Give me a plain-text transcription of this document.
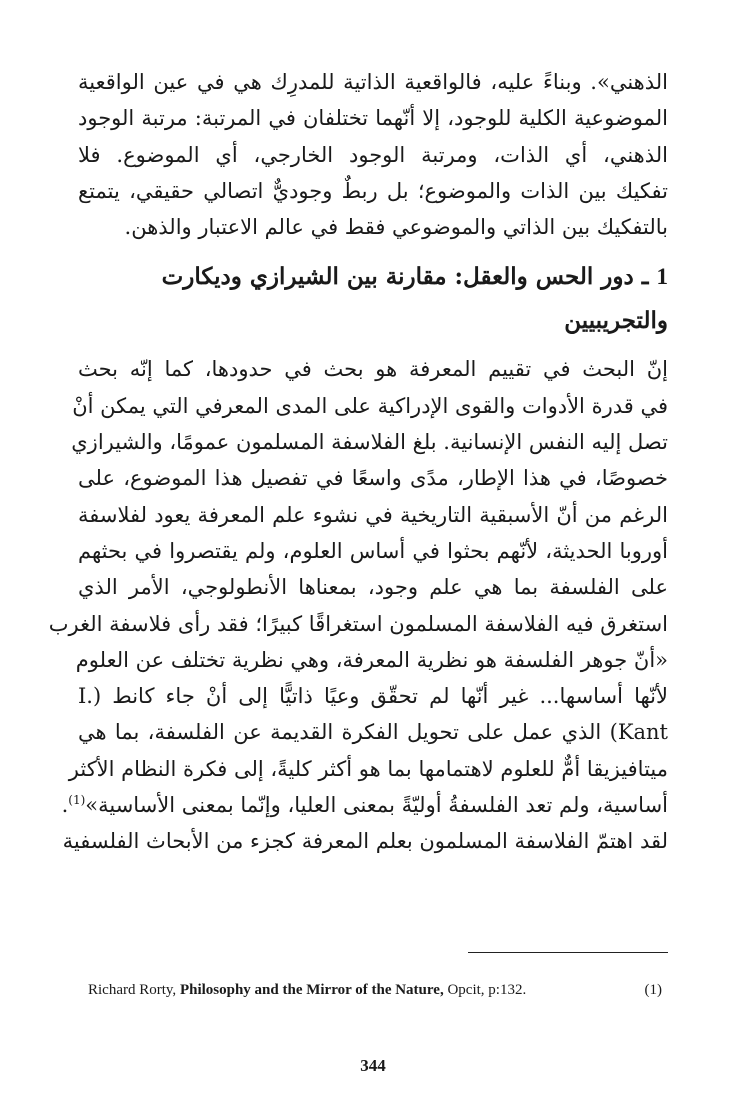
الذهني». وبناءً عليه، فالواقعية الذاتية للمدرِك هي في عين الواقعية
الموضوعية الكلية للوجود، إلا أنّهما تختلفان في المرتبة: مرتبة الوجود
الذهني، أي الذات، ومرتبة الوجود الخارجي، أي الموضوع. فلا
تفكيك بين الذات والموضوع؛ بل ربطٌ وجوديٌّ اتصالي حقيقي، يتمتع
بالتفكيك بين الذاتي والموضوعي فقط في عالم الاعتبار والذهن.
1 ـ دور الحس والعقل: مقارنة بين الشيرازي وديكارت
والتجريبيين
إنّ البحث في تقييم المعرفة هو بحث في حدودها، كما إنّه بحث
في قدرة الأدوات والقوى الإدراكية على المدى المعرفي التي يمكن أنْ
تصل إليه النفس الإنسانية. بلغ الفلاسفة المسلمون عمومًا، والشيرازي
خصوصًا، في هذا الإطار، مدًى واسعًا في تفصيل هذا الموضوع، على
الرغم من أنّ الأسبقية التاريخية في نشوء علم المعرفة يعود لفلاسفة
أوروبا الحديثة، لأنّهم بحثوا في أساس العلوم، ولم يقتصروا في بحثهم
على الفلسفة بما هي علم وجود، بمعناها الأنطولوجي، الأمر الذي
استغرق فيه الفلاسفة المسلمون استغراقًا كبيرًا؛ فقد رأى فلاسفة الغرب
«أنّ جوهر الفلسفة هو نظرية المعرفة، وهي نظرية تختلف عن العلوم
لأنّها أساسها... غير أنّها لم تحقّق وعيًا ذاتيًّا إلى أنْ جاء كانط (.I
Kant) الذي عمل على تحويل الفكرة القديمة عن الفلسفة، بما هي
ميتافيزيقا أمٌّ للعلوم لاهتمامها بما هو أكثر كليةً، إلى فكرة النظام الأكثر
أساسية، ولم تعد الفلسفةُ أوليّةً بمعنى العليا، وإنّما بمعنى الأساسية»$^{(1)}$.
لقد اهتمّ الفلاسفة المسلمون بعلم المعرفة كجزء من الأبحاث الفلسفية
Richard Rorty, Philosophy and the Mirror of the Nature, Opcit, p:132.	(1)
344
